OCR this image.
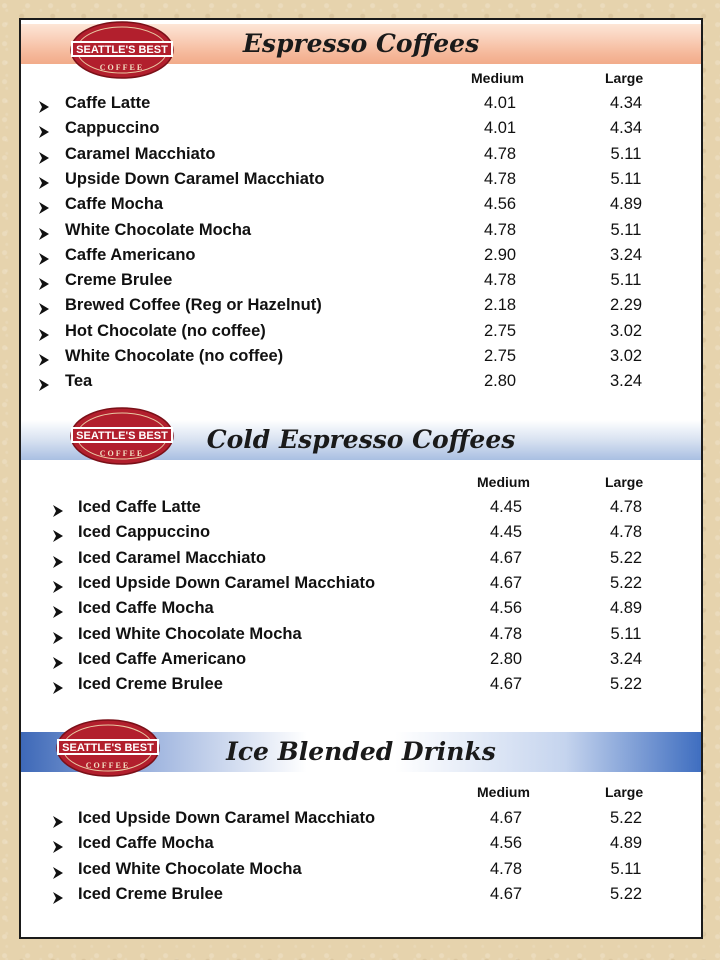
Espresso Coffees
SEATTLE'S BEST
COFFEE
Medium	Large
Caffe Latte	4.01	4.34
Cappuccino	4.01	4.34
Caramel Macchiato	4.78	5.11
Upside Down Caramel Macchiato	4.78	5.11
Caffe Mocha	4.56	4.89
White Chocolate Mocha	4.78	5.11
Caffe Americano	2.90	3.24
Creme Brulee	4.78	5.11
Brewed Coffee (Reg or Hazelnut)	2.18	2.29
Hot Chocolate (no coffee)	2.75	3.02
White Chocolate (no coffee)	2.75	3.02
Tea	2.80	3.24
Cold Espresso Coffees
SEATTLE'S BEST
COFFEE
Medium	Large
Iced Caffe Latte	4.45	4.78
Iced Cappuccino	4.45	4.78
Iced Caramel Macchiato	4.67	5.22
Iced Upside Down Caramel Macchiato	4.67	5.22
Iced Caffe Mocha	4.56	4.89
Iced White Chocolate Mocha	4.78	5.11
Iced Caffe Americano	2.80	3.24
Iced Creme Brulee	4.67	5.22
Ice Blended Drinks
SEATTLE'S BEST
COFFEE
Medium	Large
Iced Upside Down Caramel Macchiato	4.67	5.22
Iced Caffe Mocha	4.56	4.89
Iced White Chocolate Mocha	4.78	5.11
Iced Creme Brulee	4.67	5.22
